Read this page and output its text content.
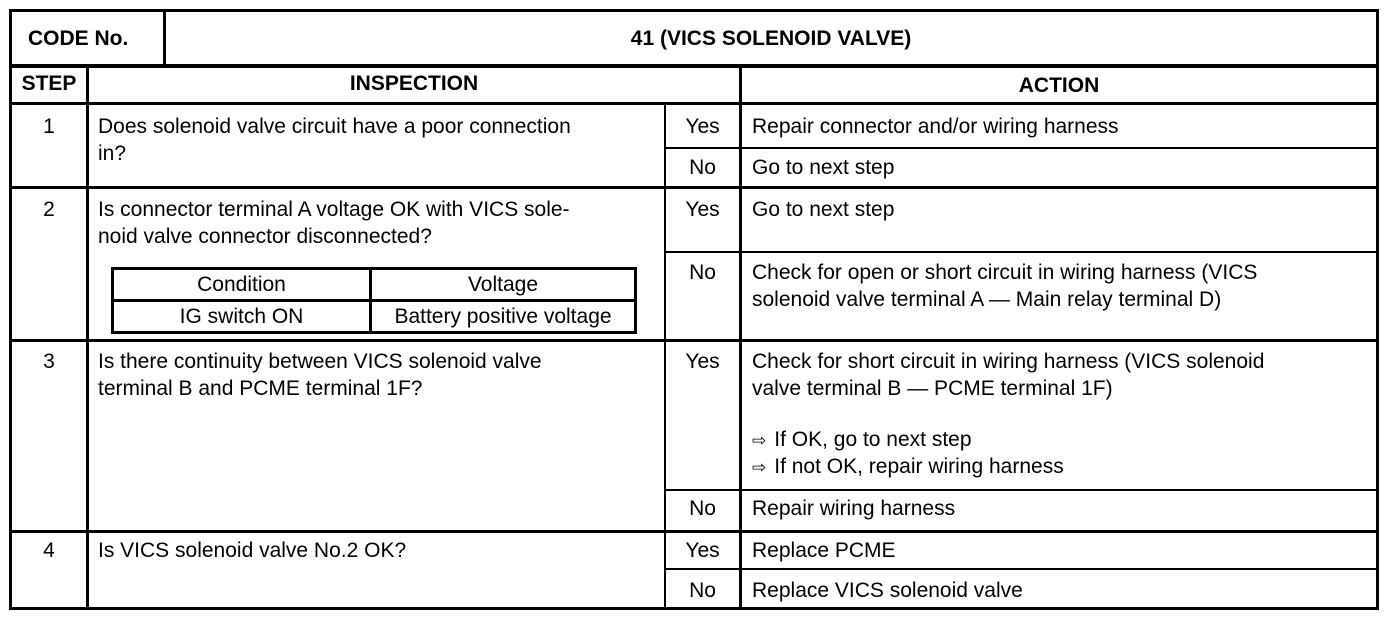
CODE No.	41 (VICS SOLENOID VALVE)
STEP	INSPECTION	ACTION
1	Does solenoid valve circuit have a poor connection
in?
Yes	Repair connector and/or wiring harness
No	Go to next step
2	Is connector terminal A voltage OK with VICS sole-
noid valve connector disconnected?
Condition	Voltage
IG switch ON	Battery positive voltage
Yes	Go to next step
No	Check for open or short circuit in wiring harness (VICS
solenoid valve terminal A — Main relay terminal D)
3	Is there continuity between VICS solenoid valve
terminal B and PCME terminal 1F?
Yes	Check for short circuit in wiring harness (VICS solenoid
valve terminal B — PCME terminal 1F)
⇨ If OK, go to next step
⇨ If not OK, repair wiring harness
No	Repair wiring harness
4	Is VICS solenoid valve No.2 OK?	Yes	Replace PCME
No	Replace VICS solenoid valve
